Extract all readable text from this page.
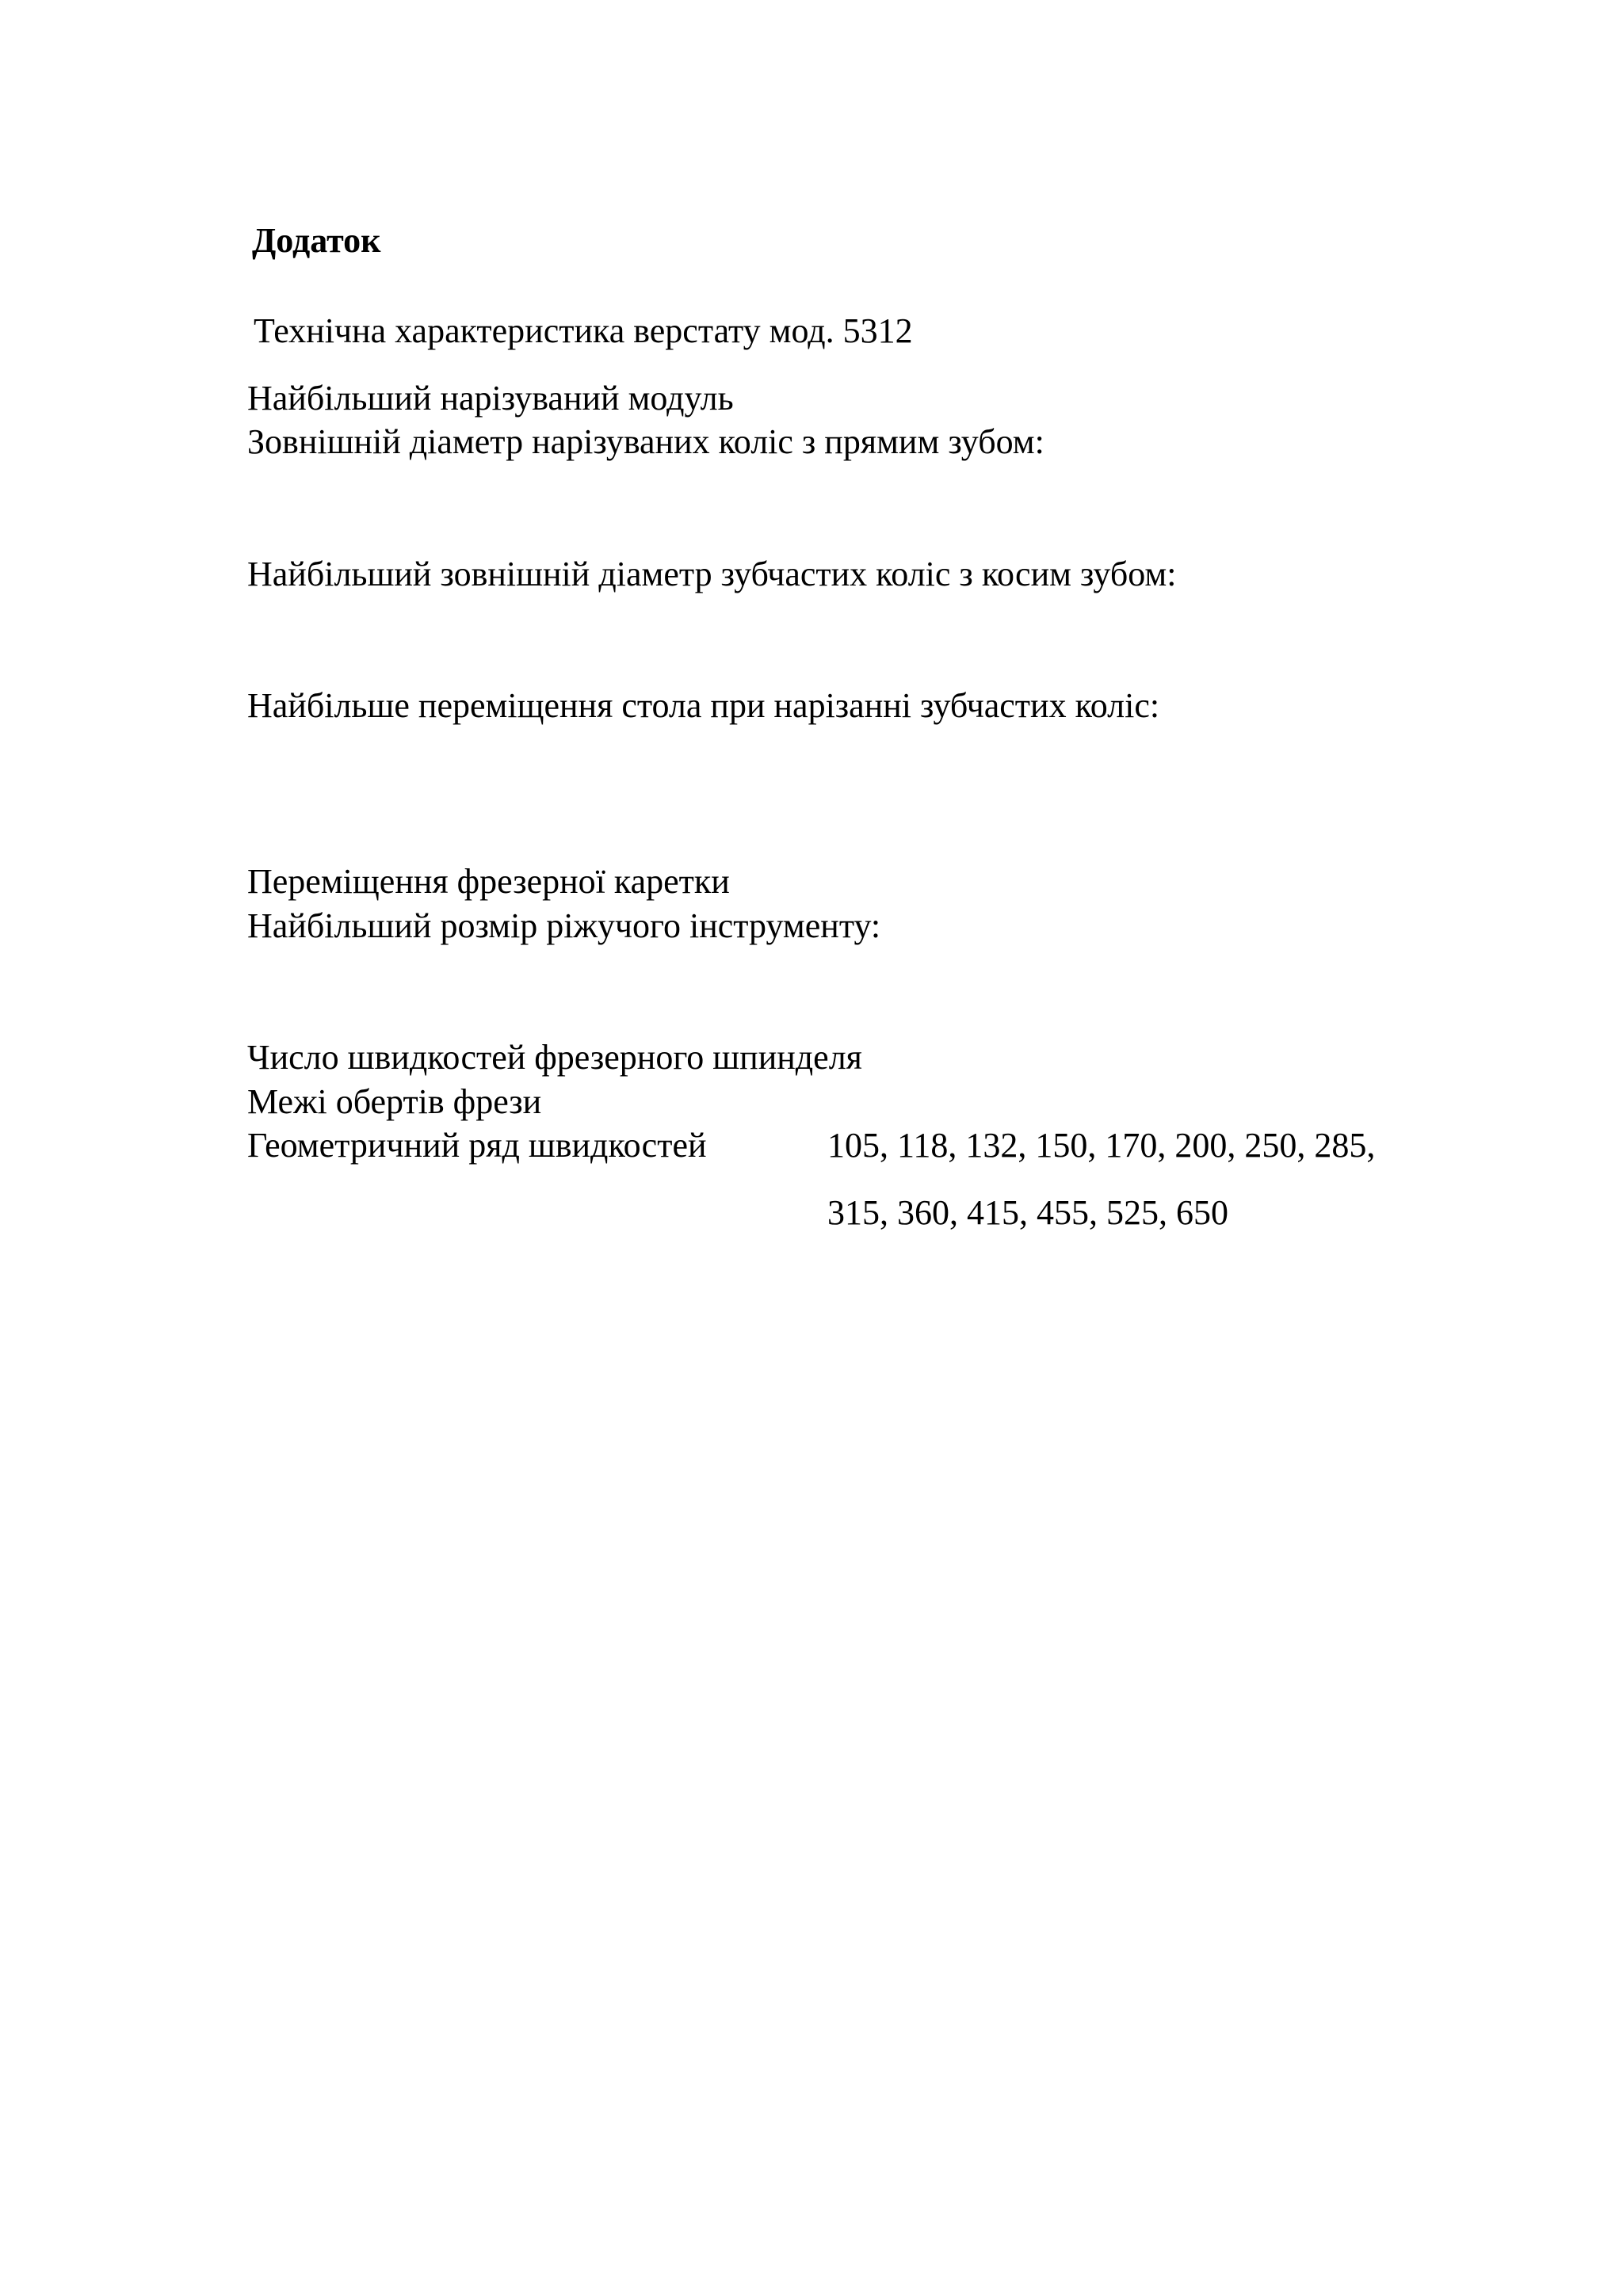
Додаток
Технічна характеристика верстату мод. 5312
Найбільший нарізуваний модуль
Зовнішній діаметр нарізуваних коліс з прямим зубом:
Найбільший зовнішній діаметр зубчастих коліс з косим зубом:
Найбільше переміщення стола при нарізанні зубчастих коліс:
Переміщення фрезерної каретки
Найбільший розмір ріжучого інструменту:
Число швидкостей фрезерного шпинделя
Межі обертів фрези
Геометричний ряд швидкостей	105, 118, 132, 150, 170, 200, 250, 285,
315, 360, 415, 455, 525, 650
